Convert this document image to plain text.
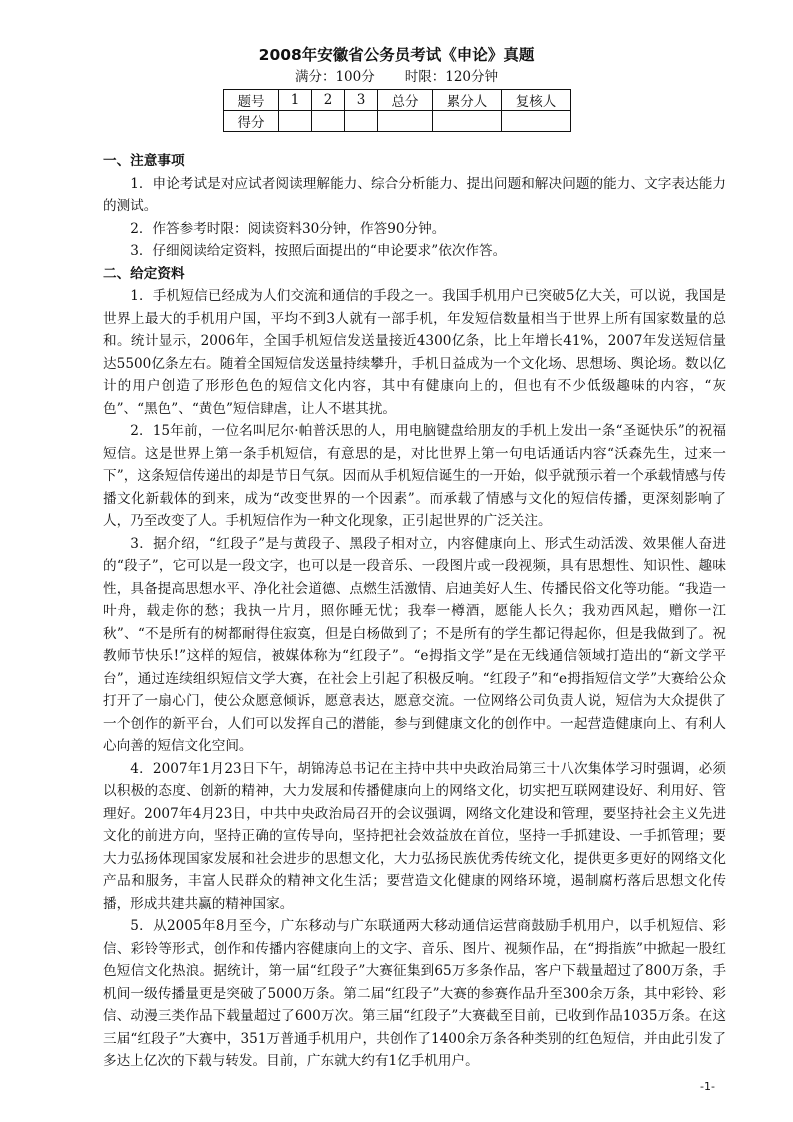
2008年安徽省公务员考试《申论》真题
满分：100分 时限：120分钟
题号	1	2	3	总分	累分人	复核人
得分						
一、注意事项

1．申论考试是对应试者阅读理解能力、综合分析能力、提出问题和解决问题的能力、文字表达能力的测试。

2．作答参考时限：阅读资料30分钟，作答90分钟。

3．仔细阅读给定资料，按照后面提出的“申论要求”依次作答。

二、给定资料

1．手机短信已经成为人们交流和通信的手段之一。我国手机用户已突破5亿大关，可以说，我国是世界上最大的手机用户国，平均不到3人就有一部手机，年发短信数量相当于世界上所有国家数量的总和。统计显示，2006年，全国手机短信发送量接近4300亿条，比上年增长41%，2007年发送短信量达5500亿条左右。随着全国短信发送量持续攀升，手机日益成为一个文化场、思想场、舆论场。数以亿计的用户创造了形形色色的短信文化内容，其中有健康向上的，但也有不少低级趣味的内容，“灰色”、“黑色”、“黄色”短信肆虐，让人不堪其扰。

2．15年前，一位名叫尼尔·帕普沃思的人，用电脑键盘给朋友的手机上发出一条“圣诞快乐”的祝福短信。这是世界上第一条手机短信，有意思的是，对比世界上第一句电话通话内容“沃森先生，过来一下”，这条短信传递出的却是节日气氛。因而从手机短信诞生的一开始，似乎就预示着一个承载情感与传播文化新载体的到来，成为“改变世界的一个因素”。而承载了情感与文化的短信传播，更深刻影响了人，乃至改变了人。手机短信作为一种文化现象，正引起世界的广泛关注。

3．据介绍，“红段子”是与黄段子、黑段子相对立，内容健康向上、形式生动活泼、效果催人奋进的“段子”，它可以是一段文字，也可以是一段音乐、一段图片或一段视频，具有思想性、知识性、趣味性，具备提高思想水平、净化社会道德、点燃生活激情、启迪美好人生、传播民俗文化等功能。“我造一叶舟，载走你的愁；我执一片月，照你睡无忧；我奉一樽酒，愿能人长久；我劝西风起，赠你一江秋”、“不是所有的树都耐得住寂寞，但是白杨做到了；不是所有的学生都记得起你，但是我做到了。祝教师节快乐!”这样的短信，被媒体称为“红段子”。“e拇指文学”是在无线通信领域打造出的“新文学平台”，通过连续组织短信文学大赛，在社会上引起了积极反响。“红段子”和“e拇指短信文学”大赛给公众打开了一扇心门，使公众愿意倾诉，愿意表达，愿意交流。一位网络公司负责人说，短信为大众提供了一个创作的新平台，人们可以发挥自己的潜能，参与到健康文化的创作中。一起营造健康向上、有利人心向善的短信文化空间。

4．2007年1月23日下午，胡锦涛总书记在主持中共中央政治局第三十八次集体学习时强调，必须以积极的态度、创新的精神，大力发展和传播健康向上的网络文化，切实把互联网建设好、利用好、管理好。2007年4月23日，中共中央政治局召开的会议强调，网络文化建设和管理，要坚持社会主义先进文化的前进方向，坚持正确的宣传导向，坚持把社会效益放在首位，坚持一手抓建设、一手抓管理；要大力弘扬体现国家发展和社会进步的思想文化，大力弘扬民族优秀传统文化，提供更多更好的网络文化产品和服务，丰富人民群众的精神文化生活；要营造文化健康的网络环境，遏制腐朽落后思想文化传播，形成共建共赢的精神国家。

5．从2005年8月至今，广东移动与广东联通两大移动通信运营商鼓励手机用户，以手机短信、彩信、彩铃等形式，创作和传播内容健康向上的文字、音乐、图片、视频作品，在“拇指族”中掀起一股红色短信文化热浪。据统计，第一届“红段子”大赛征集到65万多条作品，客户下载量超过了800万条，手机间一级传播量更是突破了5000万条。第二届“红段子”大赛的参赛作品升至300余万条，其中彩铃、彩信、动漫三类作品下载量超过了600万次。第三届“红段子”大赛截至目前，已收到作品1035万条。在这三届“红段子”大赛中，351万普通手机用户，共创作了1400余万条各种类别的红色短信，并由此引发了多达上亿次的下载与转发。目前，广东就大约有1亿手机用户。

-1-
